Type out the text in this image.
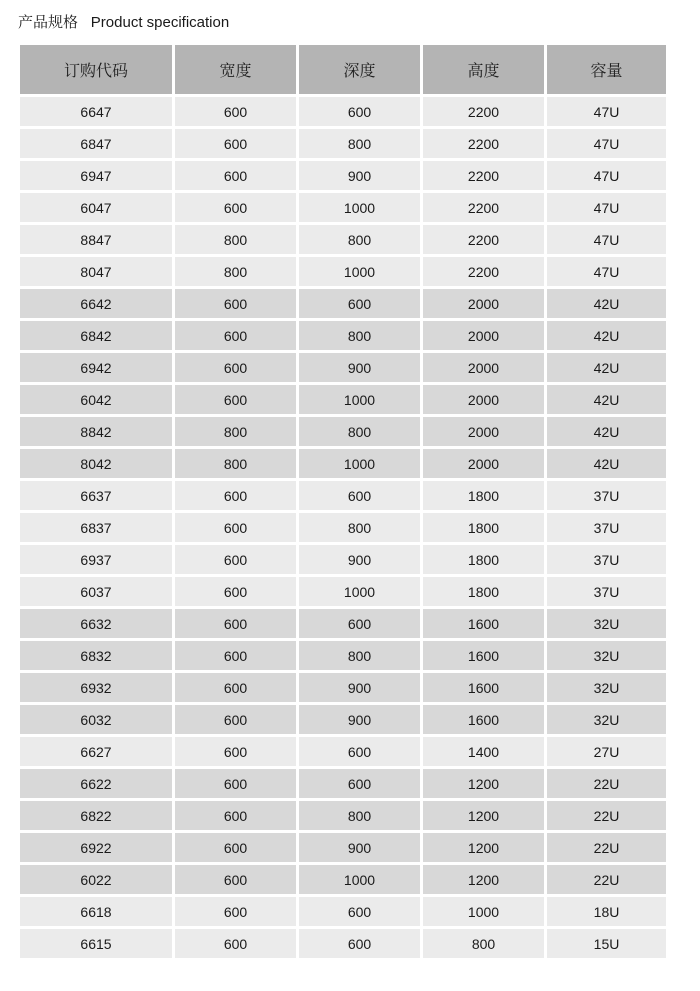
产品规格 Product specification
订购代码	宽度	深度	高度	容量
6647	600	600	2200	47U
6847	600	800	2200	47U
6947	600	900	2200	47U
6047	600	1000	2200	47U
8847	800	800	2200	47U
8047	800	1000	2200	47U
6642	600	600	2000	42U
6842	600	800	2000	42U
6942	600	900	2000	42U
6042	600	1000	2000	42U
8842	800	800	2000	42U
8042	800	1000	2000	42U
6637	600	600	1800	37U
6837	600	800	1800	37U
6937	600	900	1800	37U
6037	600	1000	1800	37U
6632	600	600	1600	32U
6832	600	800	1600	32U
6932	600	900	1600	32U
6032	600	900	1600	32U
6627	600	600	1400	27U
6622	600	600	1200	22U
6822	600	800	1200	22U
6922	600	900	1200	22U
6022	600	1000	1200	22U
6618	600	600	1000	18U
6615	600	600	800	15U
